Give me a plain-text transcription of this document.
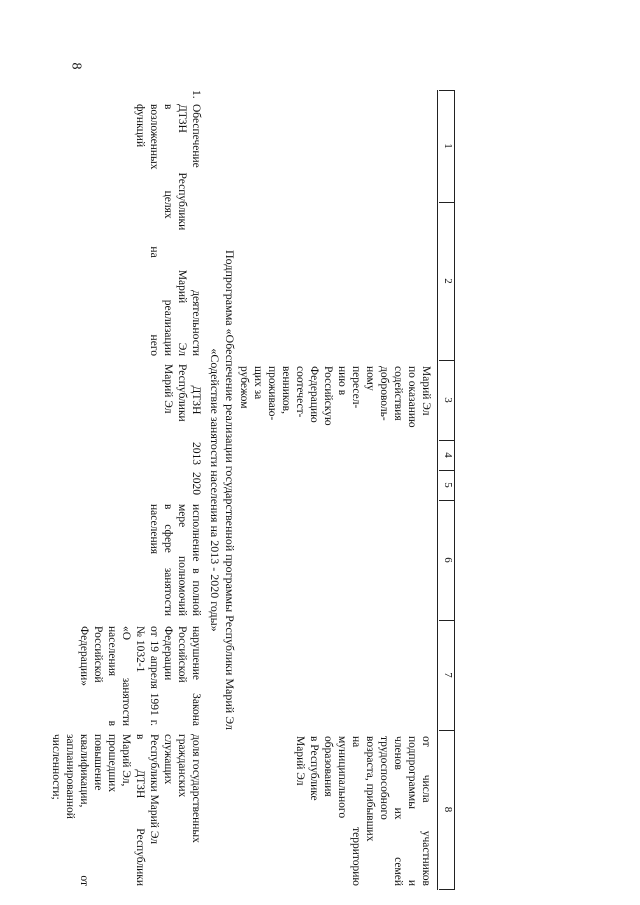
8
1
2
3
4
5
6
7
8
Марий Эл
по оказанию
содействия
доброволь-
ному
пересел-
нию в
Российскую
Федерацию
соотечест-
венников,
проживаю-
щих за
рубежом
от числа участников
подпрограммы и
членов их семей
трудоспособного
возраста, прибывших
на территорию
муниципального
образования
в Республике
Марий Эл
Подпрограмма «Обеспечение реализации государственной программы Республики Марий Эл
«Содействие занятости населения на 2013 - 2020 годы»
1.
Обеспечение деятельности
ДТЗН Республики Марий Эл
в целях реализации
возложенных на него
функций
ДТЗН
Республики
Марий Эл
2013
2020
исполнение в полной
мере полномочий
в сфере занятости
населения
нарушение Закона
Российской
Федерации
от 19 апреля 1991 г.
№ 1032-1
«О занятости
населения в
Российской
Федерации»
доля государственных
гражданских
служащих
Республики Марий Эл
в ДТЗН Республики
Марий Эл,
прошедших
повышение
квалификации, от
запланированной
численности;
